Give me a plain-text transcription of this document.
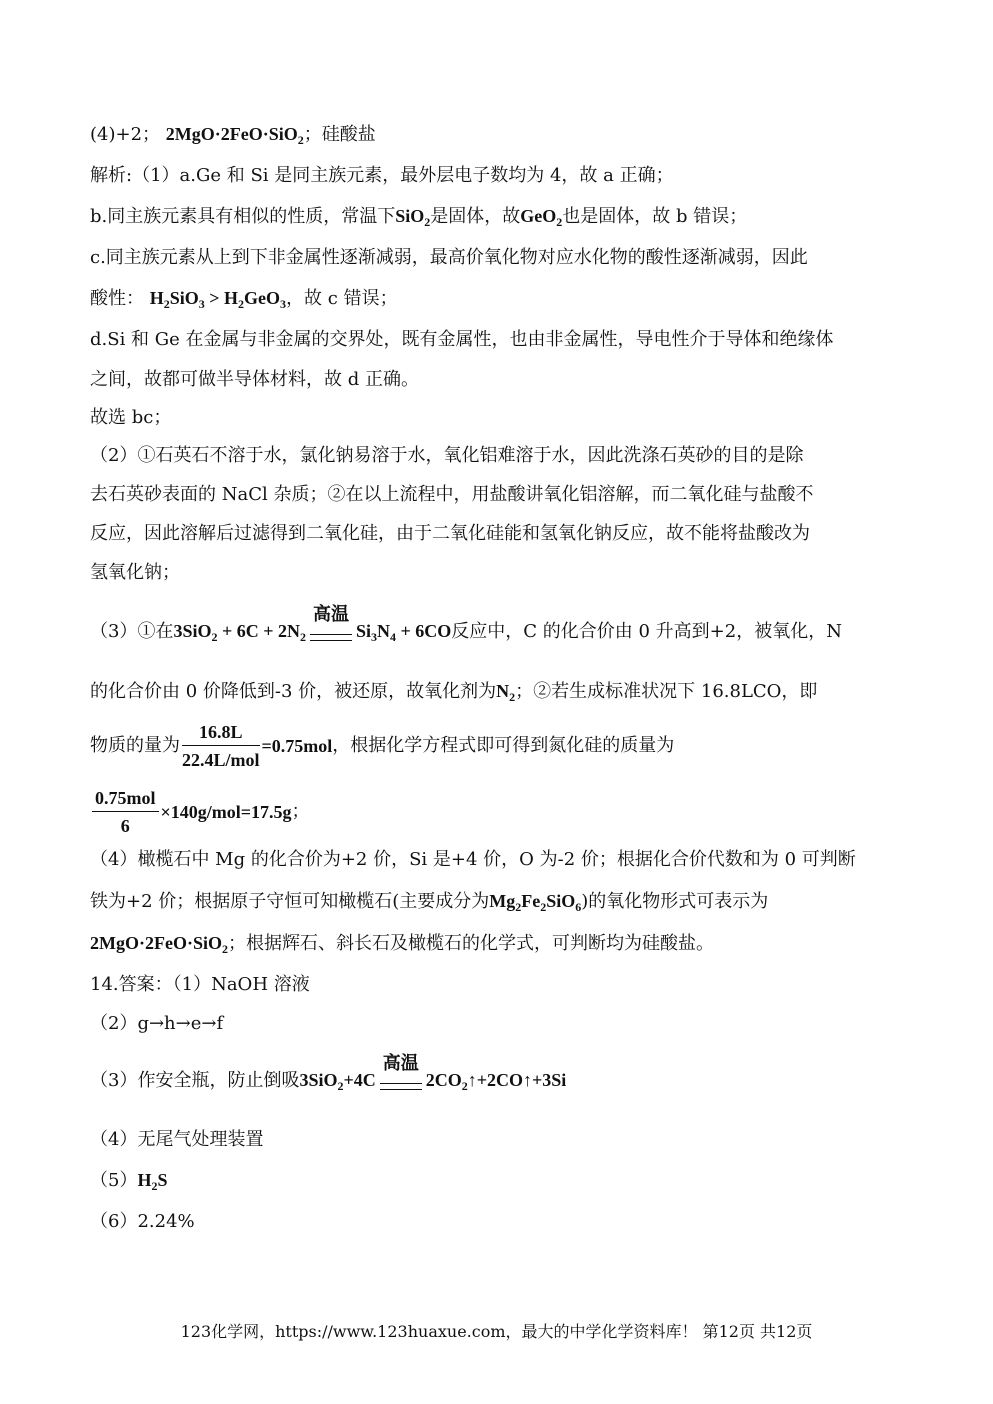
(4)+2； 2MgO·2FeO·SiO$_2$；硅酸盐
解析:（1）a.Ge 和 Si 是同主族元素，最外层电子数均为 4，故 a 正确；
b.同主族元素具有相似的性质，常温下SiO$_2$是固体，故GeO$_2$也是固体，故 b 错误；
c.同主族元素从上到下非金属性逐渐减弱，最高价氧化物对应水化物的酸性逐渐减弱，因此
酸性： $H_2SiO_3 > H_2GeO_3$，故 c 错误；
d.Si 和 Ge 在金属与非金属的交界处，既有金属性，也由非金属性，导电性介于导体和绝缘体
之间，故都可做半导体材料，故 d 正确。
故选 bc；
（2）①石英石不溶于水，氯化钠易溶于水，氧化铝难溶于水，因此洗涤石英砂的目的是除
去石英砂表面的 NaCl 杂质；②在以上流程中，用盐酸讲氧化铝溶解，而二氧化硅与盐酸不
反应，因此溶解后过滤得到二氧化硅，由于二氧化硅能和氢氧化钠反应，故不能将盐酸改为
氢氧化钠；
（3）①在$3SiO_2 + 6C + 2N_2$
高温
$Si_3N_4 + 6CO$反应中，C 的化合价由 0 升高到+2，被氧化，N
的化合价由 0 价降低到-3 价，被还原，故氧化剂为$N_2$；②若生成标准状况下 16.8LCO，即
物质的量为 $\frac{16.8L}{\text{22.4L/mol}} =0.75mol$，根据化学方程式即可得到氮化硅的质量为
$\frac{\text{0.75mol}}{6} \times 140g/mol=17.5g$；
（4）橄榄石中 Mg 的化合价为+2 价，Si 是+4 价，O 为-2 价；根据化合价代数和为 0 可判断
铁为+2 价；根据原子守恒可知橄榄石(主要成分为$Mg_2Fe_2SiO_6$)的氧化物形式可表示为
2MgO·2FeO·SiO$_2$；根据辉石、斜长石及橄榄石的化学式，可判断均为硅酸盐。
14.答案：（1）NaOH 溶液
（2）g→h→e→f
（3）作安全瓶，防止倒吸3SiO$_2$+4C
高温
$2CO_2↑+2CO↑+3Si$
（4）无尾气处理装置
$(5)H_2S$
（6）2.24%
123化学网，https://www.123huaxue.com，最大的中学化学资料库！ 第12页 共12页
